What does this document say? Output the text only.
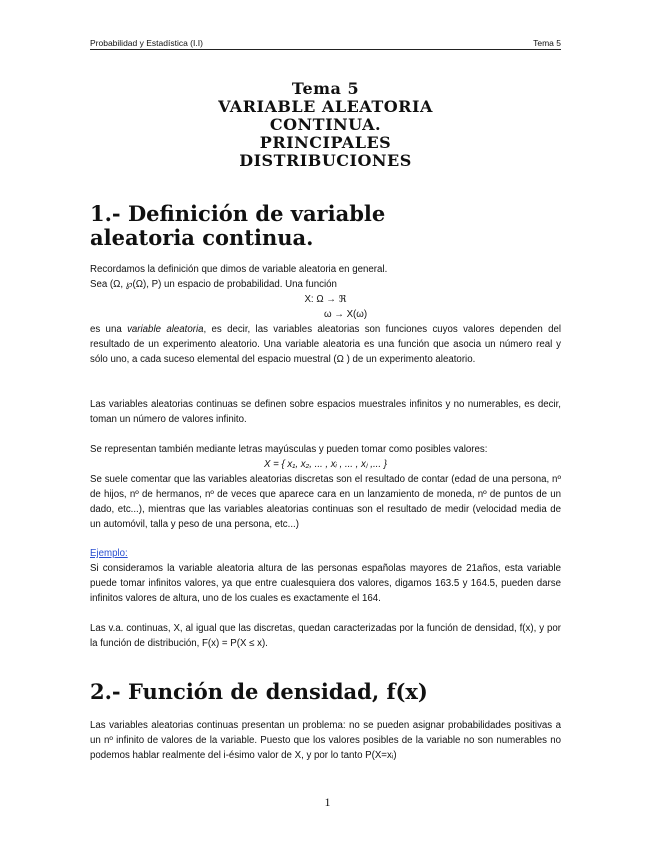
Probabilidad y Estadística (I.I)	Tema 5
Tema 5
VARIABLE ALEATORIA
CONTINUA.
PRINCIPALES
DISTRIBUCIONES
1.- Definición de variable
aleatoria continua.
Recordamos la definición que dimos de variable aleatoria en general.
Sea (Ω, ℘(Ω), P) un espacio de probabilidad. Una función
X: Ω → ℜ
ω → X(ω)
es una variable aleatoria, es decir, las variables aleatorias son funciones cuyos valores dependen del resultado de un experimento aleatorio. Una variable aleatoria es una función que asocia un número real y sólo uno, a cada suceso elemental del espacio muestral (Ω ) de un experimento aleatorio.
Las variables aleatorias continuas se definen sobre espacios muestrales infinitos y no numerables, es decir, toman un número de valores infinito.
Se representan también mediante letras mayúsculas y pueden tomar como posibles valores:
X = { x₁, x₂, ... , xᵢ , ... , xⱼ ,... }
Se suele comentar que las variables aleatorias discretas son el resultado de contar (edad de una persona, nº de hijos, nº de hermanos, nº de veces que aparece cara en un lanzamiento de moneda, nº de puntos de un dado, etc...), mientras que las variables aleatorias continuas son el resultado de medir (velocidad media de un automóvil, talla y peso de una persona, etc...)
Ejemplo:
Si consideramos la variable aleatoria altura de las personas españolas mayores de 21años, esta variable puede tomar infinitos valores, ya que entre cualesquiera dos valores, digamos 163.5 y 164.5, pueden darse infinitos valores de altura, uno de los cuales es exactamente el 164.
Las v.a. continuas, X, al igual que las discretas, quedan caracterizadas por la función de densidad, f(x), y por la función de distribución, F(x) = P(X ≤ x).
2.- Función de densidad, f(x)
Las variables aleatorias continuas presentan un problema: no se pueden asignar probabilidades positivas a un nº infinito de valores de la variable. Puesto que los valores posibles de la variable no son numerables no podemos hablar realmente del i-ésimo valor de X, y por lo tanto P(X=xᵢ)
1
